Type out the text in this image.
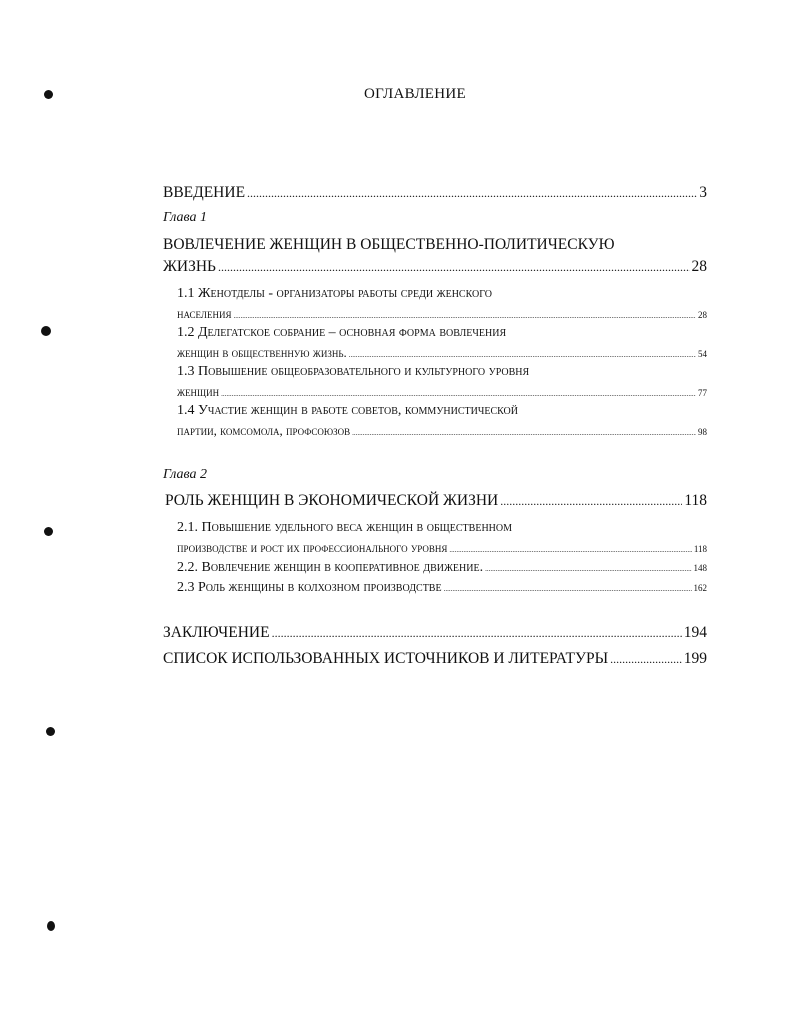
ОГЛАВЛЕНИЕ
ВВЕДЕНИЕ .....	3
Глава 1
ВОВЛЕЧЕНИЕ ЖЕНЩИН В ОБЩЕСТВЕННО-ПОЛИТИЧЕСКУЮ
ЖИЗНЬ .....	28
1.1 Женотделы - организаторы работы среди женского
населения .....	28
1.2 Делегатское собрание – основная форма вовлечения
женщин в общественную жизнь. .....	54
1.3 Повышение общеобразовательного и культурного уровня
женщин .....	77
1.4 Участие женщин в работе советов, коммунистической
партии, комсомола, профсоюзов .....	98
Глава 2
РОЛЬ ЖЕНЩИН В ЭКОНОМИЧЕСКОЙ ЖИЗНИ .....	118
2.1. Повышение удельного веса женщин в общественном
производстве и рост их профессионального уровня .....	118
2.2. Вовлечение женщин в кооперативное движение. .....	148
2.3 Роль женщины в колхозном производстве .....	162
ЗАКЛЮЧЕНИЕ .....	194
СПИСОК ИСПОЛЬЗОВАННЫХ ИСТОЧНИКОВ И ЛИТЕРАТУРЫ .....	199
